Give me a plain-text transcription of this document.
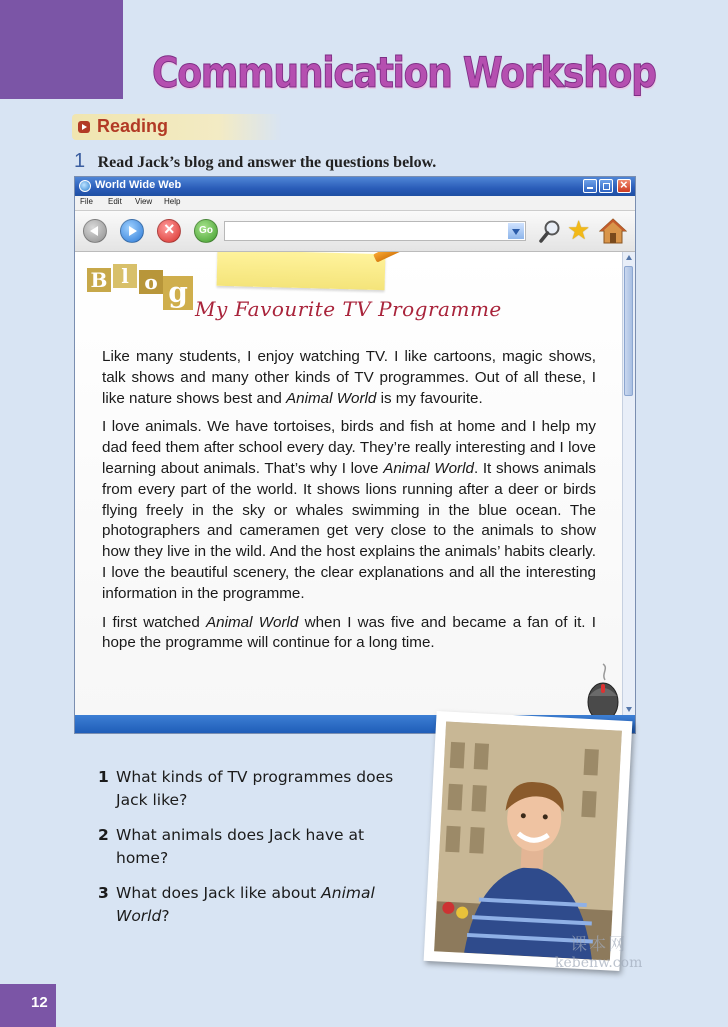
Communication Workshop
Reading
1 Read Jack’s blog and answer the questions below.
World Wide Web
×
File Edit View Help
×
Go	★
B l o g My Favourite TV Programme

Like many students, I enjoy watching TV. I like cartoons, magic shows, talk shows and many other kinds of TV programmes. Out of all these, I like nature shows best and Animal World is my favourite.

I love animals. We have tortoises, birds and fish at home and I help my dad feed them after school every day. They’re really interesting and I love learning about animals. That’s why I love Animal World. It shows animals from every part of the world. It shows lions running after a deer or birds flying freely in the sky or whales swimming in the blue ocean. The photographers and cameramen get very close to the animals to show how they live in the wild. And the host explains the animals’ habits clearly. I love the beautiful scenery, the clear explanations and all the interesting information in the programme.

I first watched Animal World when I was five and became a fan of it. I hope the programme will continue for a long time.

1 What kinds of TV programmes does Jack like?
2 What animals does Jack have at home?
3 What does Jack like about Animal World?
课本网
kebenw.com
12
